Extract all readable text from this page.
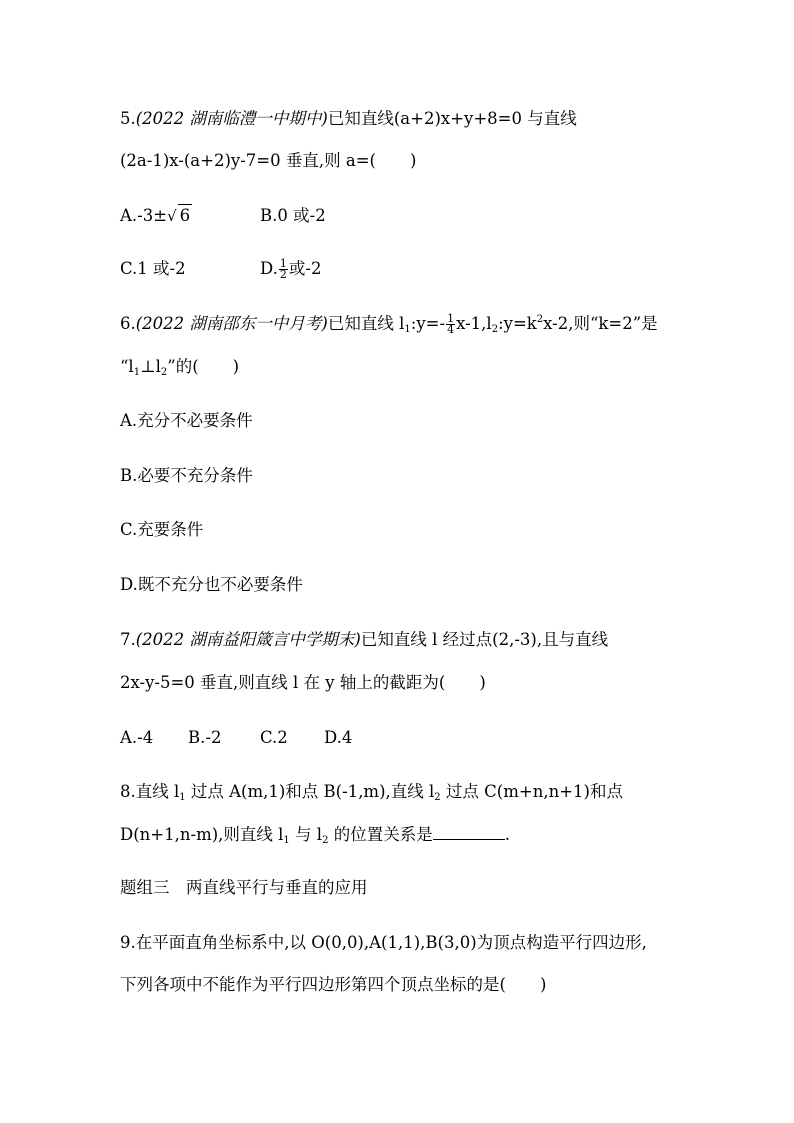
5.(2022 湖南临澧一中期中)已知直线(a+2)x+y+8=0 与直线
(2a-1)x-(a+2)y-7=0 垂直,则 a=( )
A.-3±√ 6	B.0 或-2
C.1 或-2	D. $\frac{1}{2}$ 或-2
6.(2022 湖南邵东一中月考)已知直线 $l_1:y=- \frac{1}{4}$ $x-1,l_2:y=k^2x-2$,则“k=2”是
“$l_1\perp l_2$”的( )
A.充分不必要条件
B.必要不充分条件
C.充要条件
D.既不充分也不必要条件
7.(2022 湖南益阳箴言中学期末)已知直线 l 经过点(2,-3),且与直线
2x-y-5=0 垂直,则直线 l 在 y 轴上的截距为( )
A.-4 B.-2 C.2 D.4
8.直线 $l_1$ 过点 A(m,1)和点 B(-1,m),直线 $l_2$ 过点 C(m+n,n+1)和点
D(n+1,n-m),则直线 $l_1$ 与 $l_2$ 的位置关系是	.
题组三　两直线平行与垂直的应用
9.在平面直角坐标系中,以 O(0,0),A(1,1),B(3,0)为顶点构造平行四边形,
下列各项中不能作为平行四边形第四个顶点坐标的是( )
